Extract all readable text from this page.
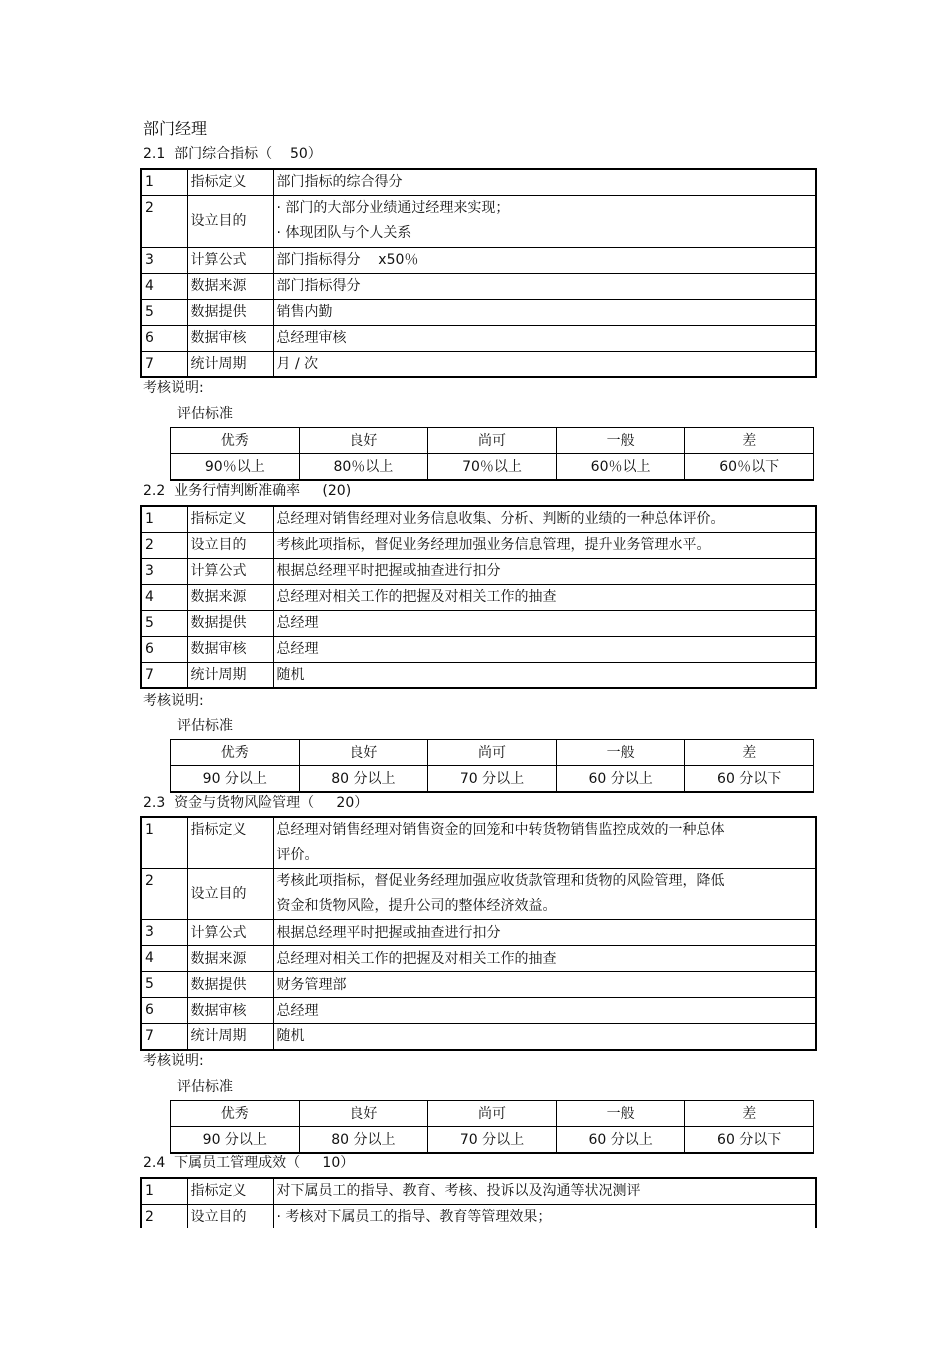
部门经理
2.1  部门综合指标（    50）
1	指标定义	部门指标的综合得分
2	设立目的	· 部门的大部分业绩通过经理来实现；
· 体现团队与个人关系

3	计算公式	部门指标得分    x50％
4	数据来源	部门指标得分
5	数据提供	销售内勤
6	数据审核	总经理审核
7	统计周期	月 / 次
考核说明:
评估标准
优秀	良好	尚可	一般	差
90％以上	80％以上	70％以上	60％以上	60％以下
2.2  业务行情判断准确率     (20)
1	指标定义	总经理对销售经理对业务信息收集、分析、判断的业绩的一种总体评价。
2	设立目的	考核此项指标，督促业务经理加强业务信息管理，提升业务管理水平。
3	计算公式	根据总经理平时把握或抽查进行扣分
4	数据来源	总经理对相关工作的把握及对相关工作的抽查
5	数据提供	总经理
6	数据审核	总经理
7	统计周期	随机
考核说明:
评估标准
优秀	良好	尚可	一般	差
90 分以上	80 分以上	70 分以上	60 分以上	60 分以下
2.3  资金与货物风险管理（     20）
1	指标定义	总经理对销售经理对销售资金的回笼和中转货物销售监控成效的一种总体
评价。

2	设立目的	考核此项指标，督促业务经理加强应收货款管理和货物的风险管理，降低
资金和货物风险，提升公司的整体经济效益。

3	计算公式	根据总经理平时把握或抽查进行扣分
4	数据来源	总经理对相关工作的把握及对相关工作的抽查
5	数据提供	财务管理部
6	数据审核	总经理
7	统计周期	随机
考核说明:
评估标准
优秀	良好	尚可	一般	差
90 分以上	80 分以上	70 分以上	60 分以上	60 分以下
2.4  下属员工管理成效（     10）
1	指标定义	对下属员工的指导、教育、考核、投诉以及沟通等状况测评
2	设立目的	· 考核对下属员工的指导、教育等管理效果；
